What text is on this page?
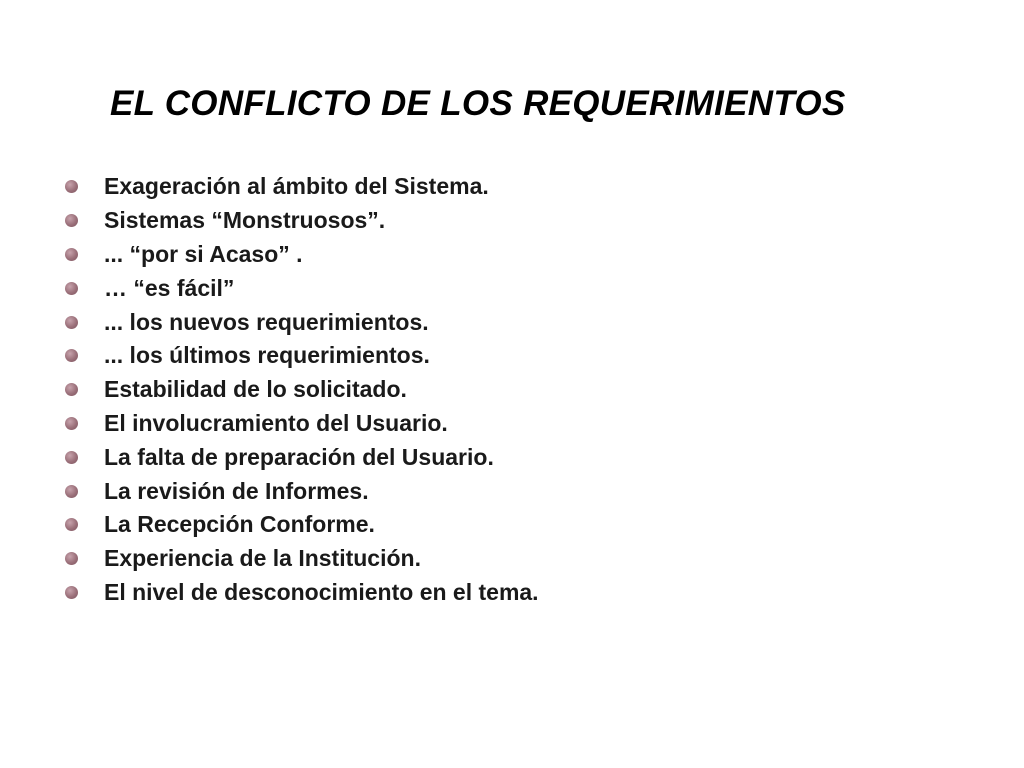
EL CONFLICTO DE LOS REQUERIMIENTOS
Exageración al ámbito del Sistema.
Sistemas “Monstruosos”.
... “por si Acaso” .
… “es fácil”
... los nuevos requerimientos.
... los últimos requerimientos.
Estabilidad de lo solicitado.
El involucramiento del Usuario.
La falta de preparación del Usuario.
La revisión de Informes.
La Recepción Conforme.
Experiencia de la Institución.
El nivel de desconocimiento en el tema.
